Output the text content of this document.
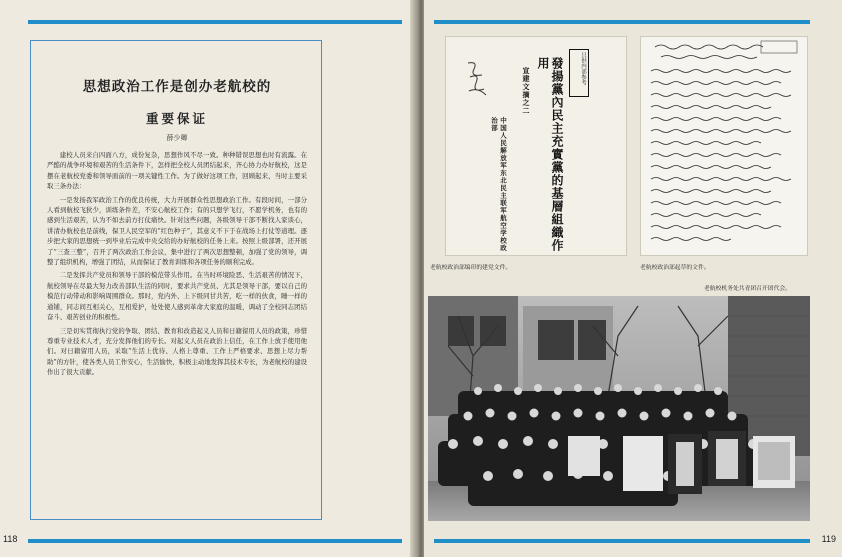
思想政治工作是创办老航校的
重要保证
薛少卿

建校人员来自四面八方，成份复杂，思想作风不尽一致。种种错误思想也时有流露。在严酷的战争环境和艰苦的生活条件下，怎样把全校人员团结起来，齐心协力办好航校，这是摆在老航校党委和领导面前的一项关键性工作。为了做好这项工作，回顾起来，当时主要采取三条办法：

一是发扬我军政治工作的优良传统，大力开展群众性思想政治工作。有段时间，一部分人看到航校飞狄少，训练条件差，不安心航校工作；有的只想学飞行，不愿学机务，也有的感到生活艰苦，认为不如去前方打仗痛快。针对这些问题，各级领导干部不断找人家谈心，讲清办航校也是前线，保卫人民空军的“红色种子”，其意义不下于在战场上打仗等道理。逐步把大家的思想统一到毕业后完成中央交给的办好航校的任务上来。按照上级部署，还开展了“三查三整”，召开了两次政治工作会议，集中进行了两次思想整顿，加强了党的领导，调整了组织机构，增强了团结，从而保证了教育训练和各项任务的顺利完成。

二是发挥共产党员和领导干部的模范带头作用。在当时环境险恶、生活艰苦的情况下，航校领导在尽最大努力改善部队生活的同时，要求共产党员、尤其是领导干部，要以自己的模范行动带动和影响周围群众。那时，党内外、上下级同甘共苦，吃一样的伙食，睡一样的通铺，同志间互相关心，互相爱护，处处使人感到革命大家庭的温暖，调动了全校同志团结奋斗、艰苦创业的积极性。

三是切实贯彻执行党的争取、团结、教育和改造起义人员和日籍留用人员的政策，珍惜尊重专业技术人才，充分发挥他们的专长。对起义人员在政治上信任，在工作上放手使用他们。对日籍留用人员，采取“生活上优待、人格上尊重、工作上严格要求、思想上尽力帮助”的方针，使各类人员工作安心，生活愉快，积极主动地发挥其技术专长，为老航校的建设作出了很大贡献。

118	119
發揚黨內民主充實黨的基層組織作用
宣建文摘之二
中国人民解放军东北民主联军航空学校政治部
只供内部参考
老航校政治部编印的建党文件。	老航校政治部起草的文件。
老航校机务处共青团召开团代会。
